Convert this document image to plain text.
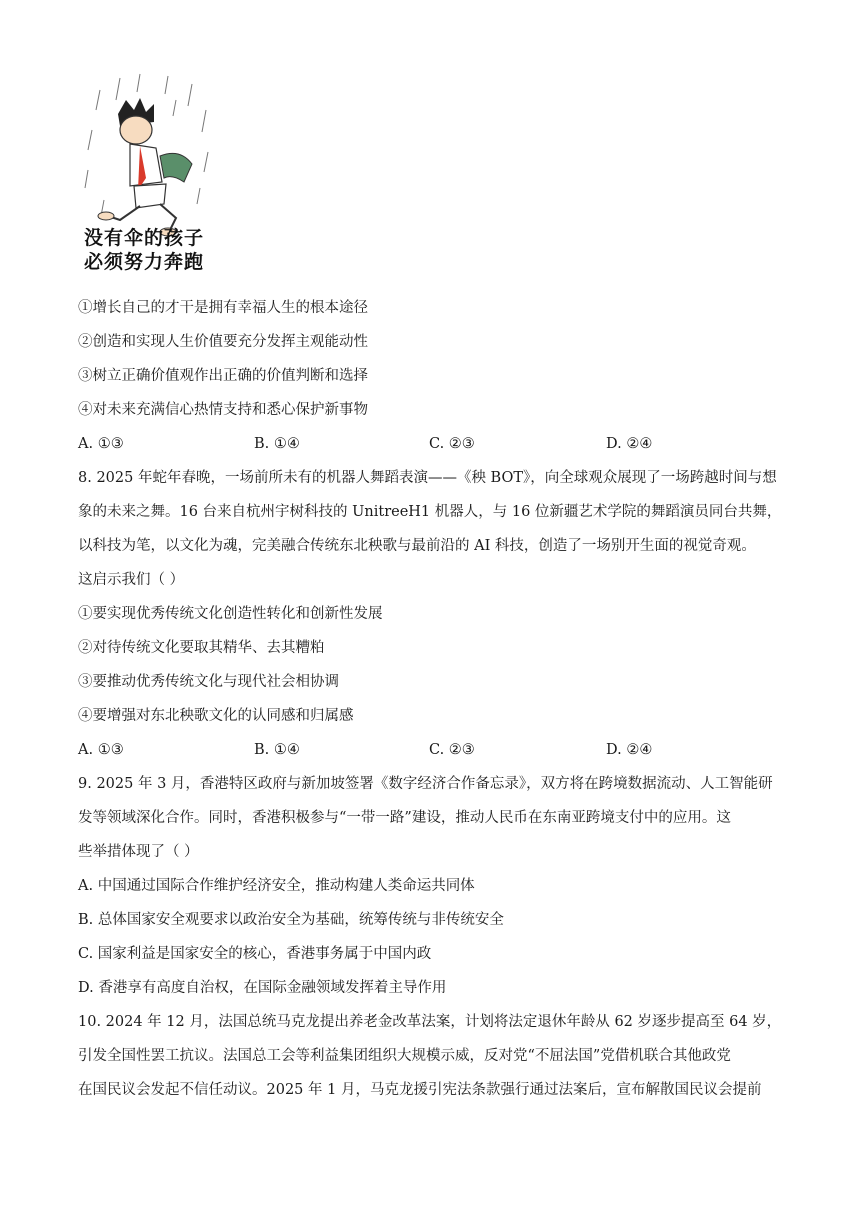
没有伞的孩子
必须努力奔跑
①增长自己的才干是拥有幸福人生的根本途径
②创造和实现人生价值要充分发挥主观能动性
③树立正确价值观作出正确的价值判断和选择
④对未来充满信心热情支持和悉心保护新事物
A. ①③	B. ①④	C. ②③	D. ②④
8. 2025 年蛇年春晚，一场前所未有的机器人舞蹈表演——《秧 BOT》，向全球观众展现了一场跨越时间与想
象的未来之舞。16 台来自杭州宇树科技的 UnitreeH1 机器人，与 16 位新疆艺术学院的舞蹈演员同台共舞，
以科技为笔，以文化为魂，完美融合传统东北秧歌与最前沿的 AI 科技，创造了一场别开生面的视觉奇观。
这启示我们（ ）
①要实现优秀传统文化创造性转化和创新性发展
②对待传统文化要取其精华、去其糟粕
③要推动优秀传统文化与现代社会相协调
④要增强对东北秧歌文化的认同感和归属感
A. ①③	B. ①④	C. ②③	D. ②④
9. 2025 年 3 月，香港特区政府与新加坡签署《数字经济合作备忘录》，双方将在跨境数据流动、人工智能研
发等领域深化合作。同时，香港积极参与“一带一路”建设，推动人民币在东南亚跨境支付中的应用。这
些举措体现了（ ）
A. 中国通过国际合作维护经济安全，推动构建人类命运共同体
B. 总体国家安全观要求以政治安全为基础，统筹传统与非传统安全
C. 国家利益是国家安全的核心，香港事务属于中国内政
D. 香港享有高度自治权，在国际金融领域发挥着主导作用
10. 2024 年 12 月，法国总统马克龙提出养老金改革法案，计划将法定退休年龄从 62 岁逐步提高至 64 岁，
引发全国性罢工抗议。法国总工会等利益集团组织大规模示威，反对党“不屈法国”党借机联合其他政党
在国民议会发起不信任动议。2025 年 1 月，马克龙援引宪法条款强行通过法案后，宣布解散国民议会提前
